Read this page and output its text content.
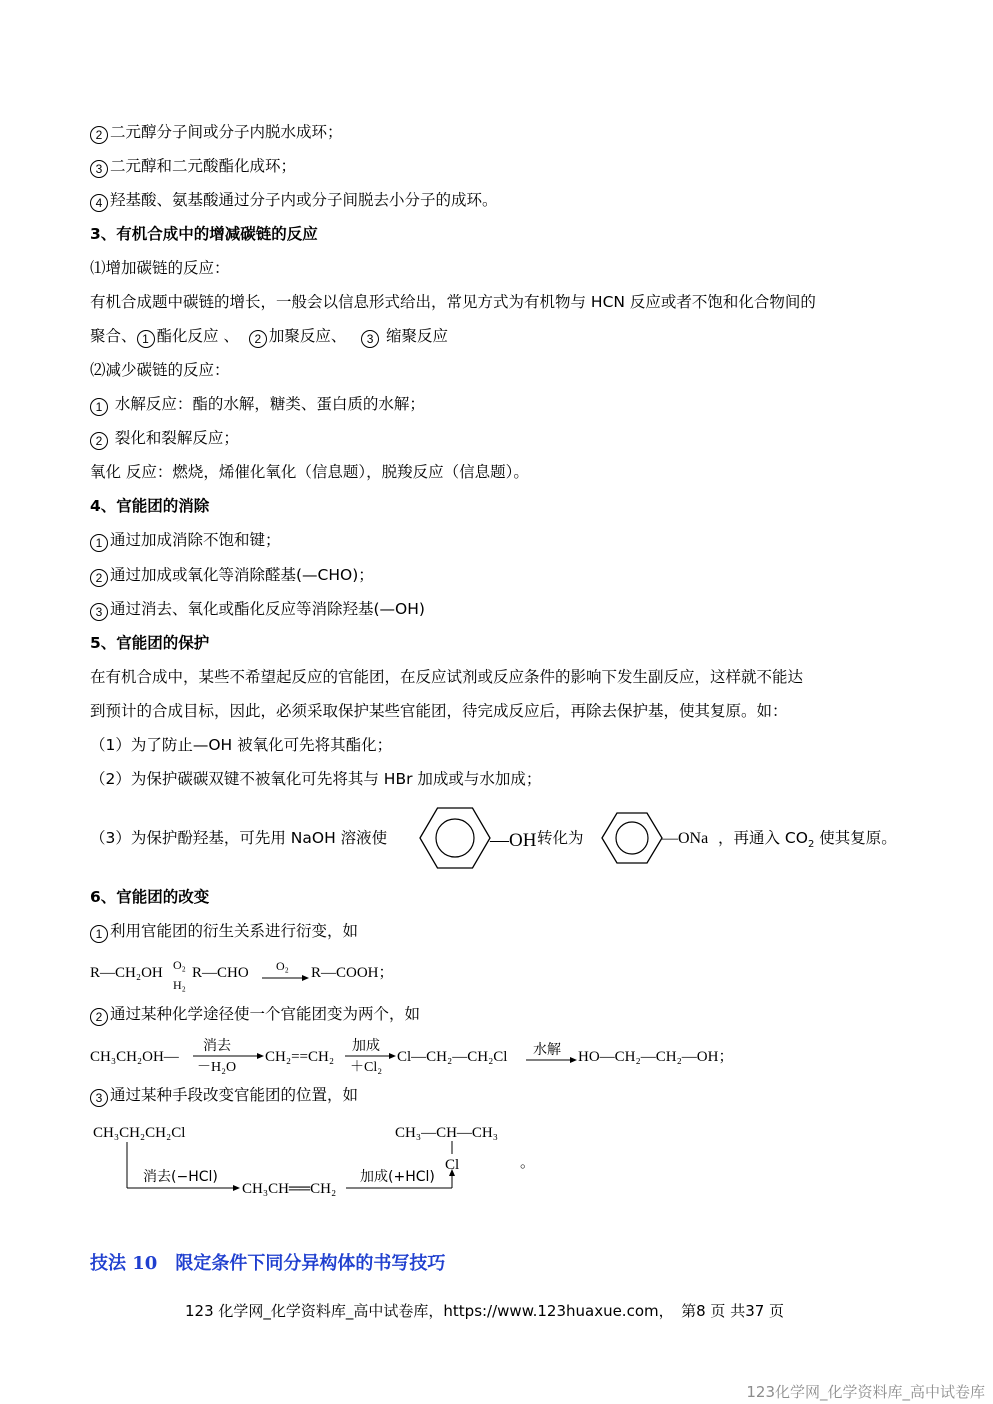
2 二元醇分子间或分子内脱水成环；
3 二元醇和二元酸酯化成环；
4 羟基酸、氨基酸通过分子内或分子间脱去小分子的成环。
3、有机合成中的增减碳链的反应
⑴增加碳链的反应：
有机合成题中碳链的增长，一般会以信息形式给出，常见方式为有机物与 HCN 反应或者不饱和化合物间的
聚合、 1 酯化反应 、 2 加聚反应、 3 缩聚反应
⑵减少碳链的反应：
1 水解反应：酯的水解，糖类、蛋白质的水解；
2 裂化和裂解反应；
氧化 反应：燃烧，烯催化氧化（信息题），脱羧反应（信息题）。
4、官能团的消除
1 通过加成消除不饱和键；
2 通过加成或氧化等消除醛基(—CHO)；
3 通过消去、氧化或酯化反应等消除羟基(—OH)
5、官能团的保护
在有机合成中，某些不希望起反应的官能团，在反应试剂或反应条件的影响下发生副反应，这样就不能达
到预计的合成目标，因此，必须采取保护某些官能团，待完成反应后，再除去保护基，使其复原。如：
（1）为了防止—OH 被氧化可先将其酯化；
（2）为保护碳碳双键不被氧化可先将其与 HBr 加成或与水加成；
（3）为保护酚羟基，可先用 NaOH 溶液使	—OH 转化为	—ONa ，再通入 $CO_2$ 使其复原。
6、官能团的改变
1 利用官能团的衍生关系进行衍变，如
R—CH₂OH O₂
H₂
R—CHO O₂ R—COOH；
2 通过某种化学途径使一个官能团变为两个，如
CH₃CH₂OH—
消去
－H₂O
CH₂==CH₂
加成
＋Cl₂
Cl—CH₂—CH₂Cl 水解 HO—CH₂—CH₂—OH；
3 通过某种手段改变官能团的位置，如
CH₃CH₂CH₂Cl
消去(−HCl)
CH₃CH══CH₂
加成(+HCl)
CH₃—CH—CH₃
Cl	。
技法 10　限定条件下同分异构体的书写技巧
123 化学网_化学资料库_高中试卷库，https://www.123huaxue.com，　第8 页 共37 页
123化学网_化学资料库_高中试卷库
